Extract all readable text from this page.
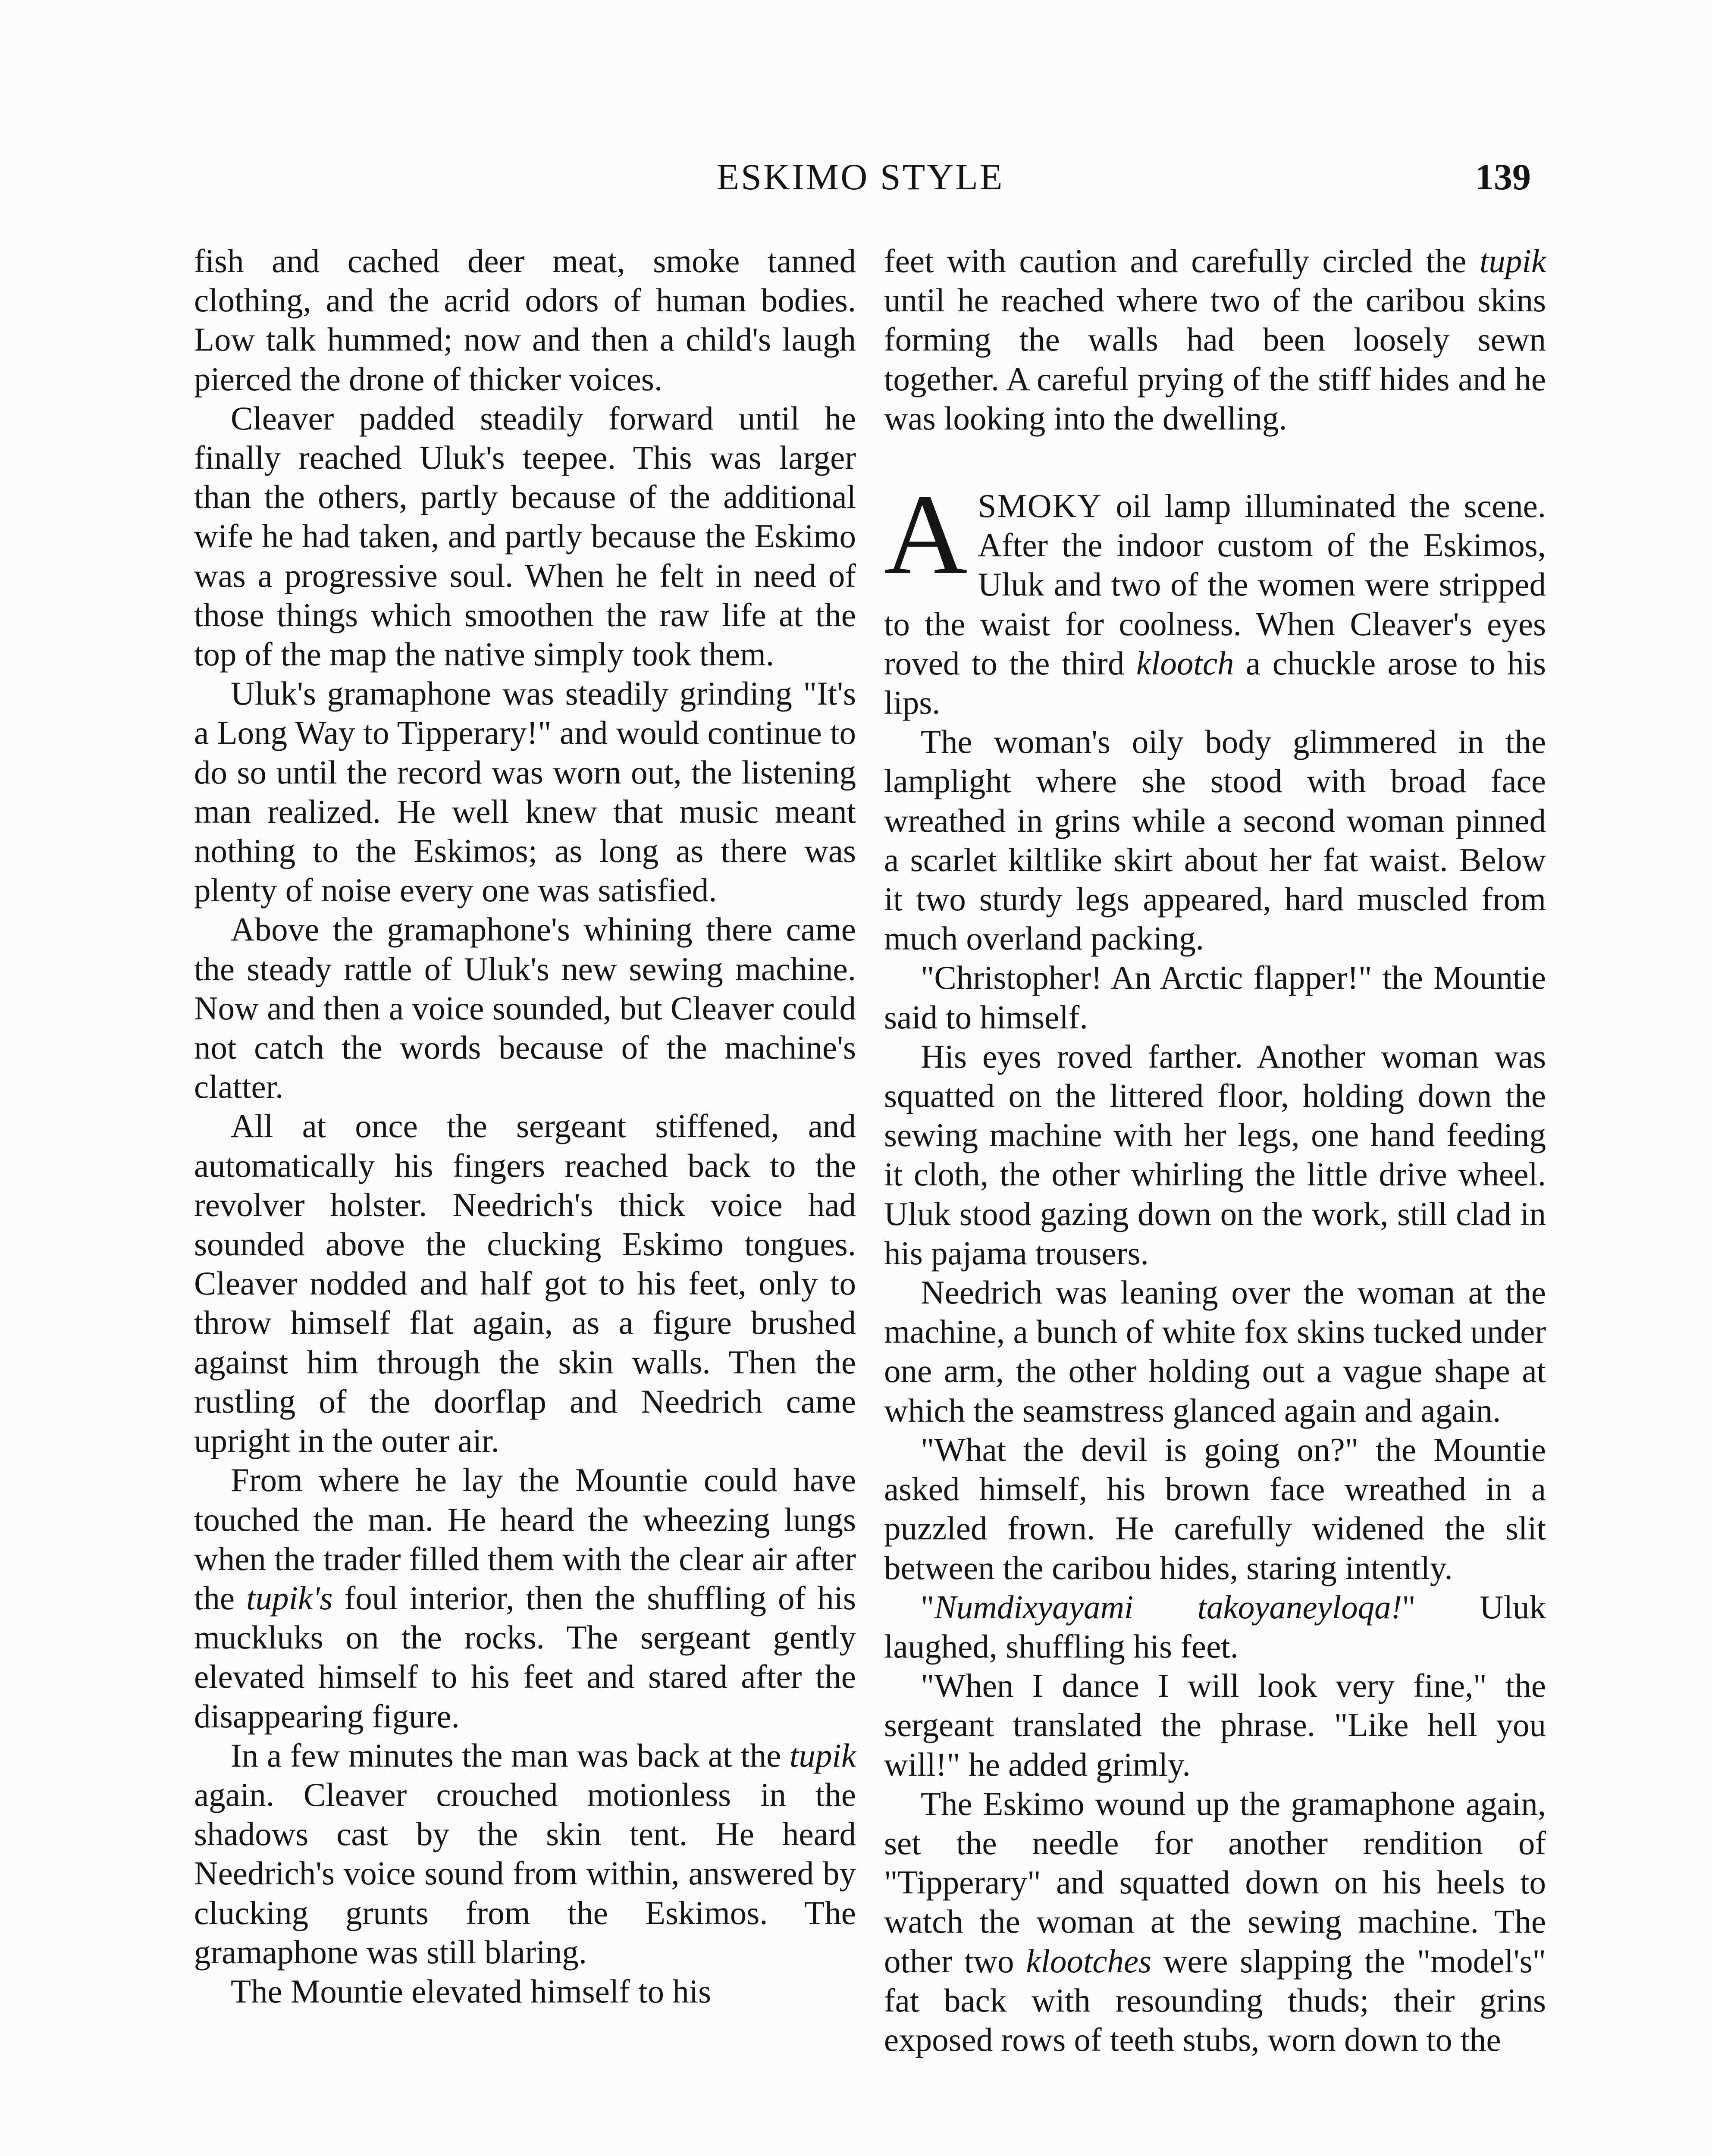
ESKIMO STYLE	139

fish and cached deer meat, smoke tanned clothing, and the acrid odors of human bodies. Low talk hummed; now and then a child's laugh pierced the drone of thicker voices.

Cleaver padded steadily forward until he finally reached Uluk's teepee. This was larger than the others, partly because of the additional wife he had taken, and partly because the Eskimo was a progressive soul. When he felt in need of those things which smoothen the raw life at the top of the map the native simply took them.

Uluk's gramaphone was steadily grinding "It's a Long Way to Tipperary!" and would continue to do so until the record was worn out, the listening man realized. He well knew that music meant nothing to the Eskimos; as long as there was plenty of noise every one was satisfied.

Above the gramaphone's whining there came the steady rattle of Uluk's new sewing machine. Now and then a voice sounded, but Cleaver could not catch the words because of the machine's clatter.

All at once the sergeant stiffened, and automatically his fingers reached back to the revolver holster. Needrich's thick voice had sounded above the clucking Eskimo tongues. Cleaver nodded and half got to his feet, only to throw himself flat again, as a figure brushed against him through the skin walls. Then the rustling of the doorflap and Needrich came upright in the outer air.

From where he lay the Mountie could have touched the man. He heard the wheezing lungs when the trader filled them with the clear air after the tupik's foul interior, then the shuffling of his muckluks on the rocks. The sergeant gently elevated himself to his feet and stared after the disappearing figure.

In a few minutes the man was back at the tupik again. Cleaver crouched motionless in the shadows cast by the skin tent. He heard Needrich's voice sound from within, answered by clucking grunts from the Eskimos. The gramaphone was still blaring.

The Mountie elevated himself to his

feet with caution and carefully circled the tupik until he reached where two of the caribou skins forming the walls had been loosely sewn together. A careful prying of the stiff hides and he was looking into the dwelling.

ASMOKY oil lamp illuminated the scene. After the indoor custom of the Eskimos, Uluk and two of the women were stripped to the waist for coolness. When Cleaver's eyes roved to the third klootch a chuckle arose to his lips.

The woman's oily body glimmered in the lamplight where she stood with broad face wreathed in grins while a second woman pinned a scarlet kiltlike skirt about her fat waist. Below it two sturdy legs appeared, hard muscled from much overland packing.

"Christopher! An Arctic flapper!" the Mountie said to himself.

His eyes roved farther. Another woman was squatted on the littered floor, holding down the sewing machine with her legs, one hand feeding it cloth, the other whirling the little drive wheel. Uluk stood gazing down on the work, still clad in his pajama trousers.

Needrich was leaning over the woman at the machine, a bunch of white fox skins tucked under one arm, the other holding out a vague shape at which the seamstress glanced again and again.

"What the devil is going on?" the Mountie asked himself, his brown face wreathed in a puzzled frown. He carefully widened the slit between the caribou hides, staring intently.

"Numdixyayami takoyaneyloqa!" Uluk laughed, shuffling his feet.

"When I dance I will look very fine," the sergeant translated the phrase. "Like hell you will!" he added grimly.

The Eskimo wound up the gramaphone again, set the needle for another rendition of "Tipperary" and squatted down on his heels to watch the woman at the sewing machine. The other two klootches were slapping the "model's" fat back with resounding thuds; their grins exposed rows of teeth stubs, worn down to the
